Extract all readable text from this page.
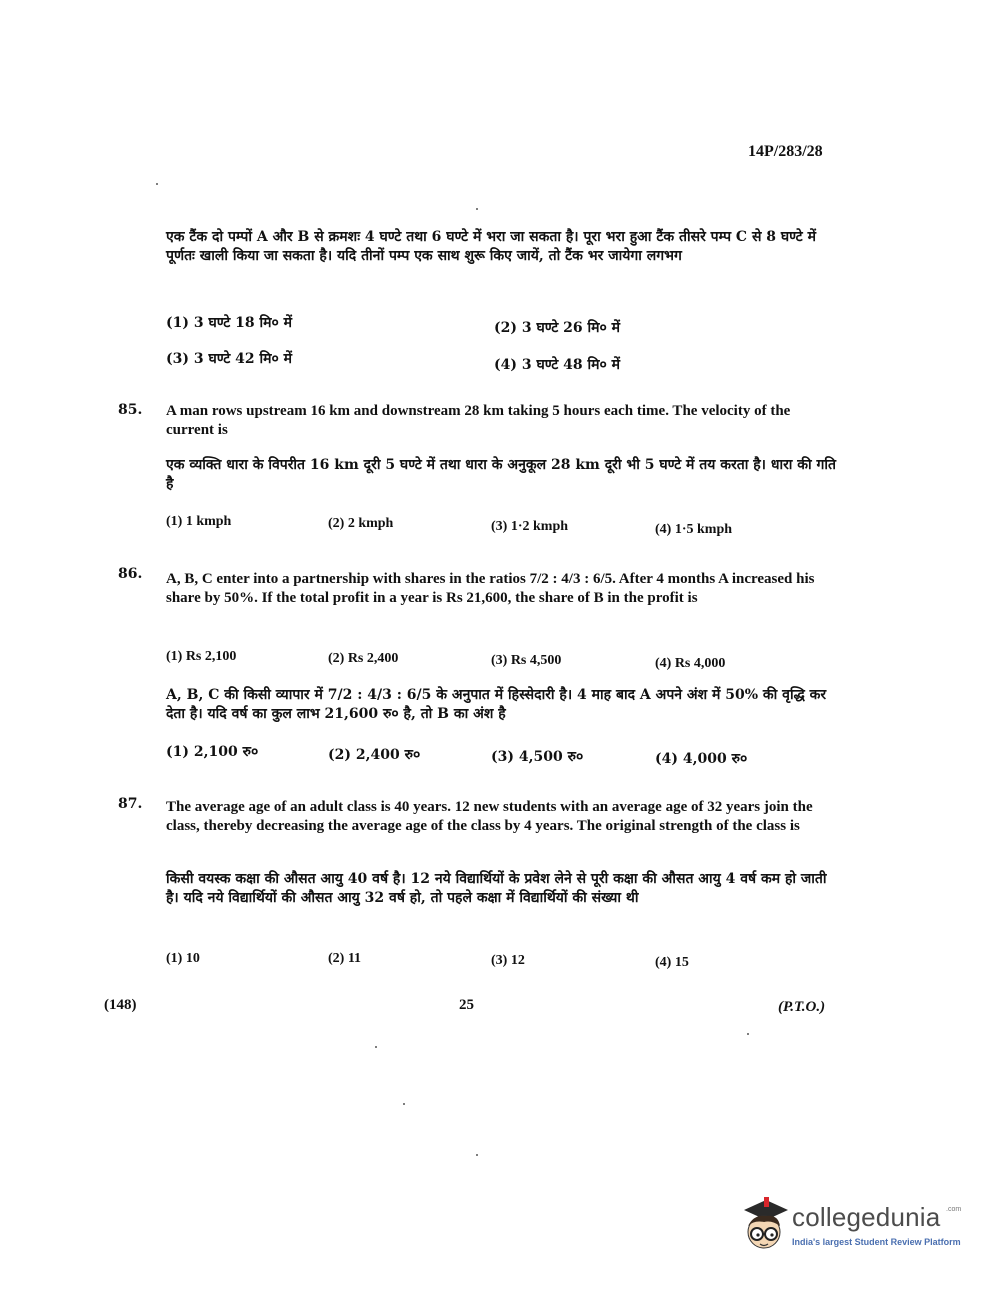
14P/283/28
एक टैंक दो पम्पों A और B से क्रमशः 4 घण्टे तथा 6 घण्टे में भरा जा सकता है। पूरा भरा हुआ टैंक तीसरे पम्प C से 8 घण्टे में पूर्णतः खाली किया जा सकता है। यदि तीनों पम्प एक साथ शुरू किए जायें, तो टैंक भर जायेगा लगभग
(1) 3 घण्टे 18 मि० में	(2) 3 घण्टे 26 मि० में
(3) 3 घण्टे 42 मि० में	(4) 3 घण्टे 48 मि० में
85. A man rows upstream 16 km and downstream 28 km taking 5 hours each time. The velocity of the current is
एक व्यक्ति धारा के विपरीत 16 km दूरी 5 घण्टे में तथा धारा के अनुकूल 28 km दूरी भी 5 घण्टे में तय करता है। धारा की गति है
(1) 1 kmph	(2) 2 kmph	(3) 1·2 kmph	(4) 1·5 kmph
86. A, B, C enter into a partnership with shares in the ratios 7/2 : 4/3 : 6/5. After 4 months A increased his share by 50%. If the total profit in a year is Rs 21,600, the share of B in the profit is
(1) Rs 2,100	(2) Rs 2,400	(3) Rs 4,500	(4) Rs 4,000
A, B, C की किसी व्यापार में 7/2 : 4/3 : 6/5 के अनुपात में हिस्सेदारी है। 4 माह बाद A अपने अंश में 50% की वृद्धि कर देता है। यदि वर्ष का कुल लाभ 21,600 रु० है, तो B का अंश है
(1) 2,100 रु०	(2) 2,400 रु०	(3) 4,500 रु०	(4) 4,000 रु०
87. The average age of an adult class is 40 years. 12 new students with an average age of 32 years join the class, thereby decreasing the average age of the class by 4 years. The original strength of the class is
किसी वयस्क कक्षा की औसत आयु 40 वर्ष है। 12 नये विद्यार्थियों के प्रवेश लेने से पूरी कक्षा की औसत आयु 4 वर्ष कम हो जाती है। यदि नये विद्यार्थियों की औसत आयु 32 वर्ष हो, तो पहले कक्षा में विद्यार्थियों की संख्या थी
(1) 10	(2) 11	(3) 12	(4) 15
(148)	25	(P.T.O.)
collegedunia .com
India's largest Student Review Platform
